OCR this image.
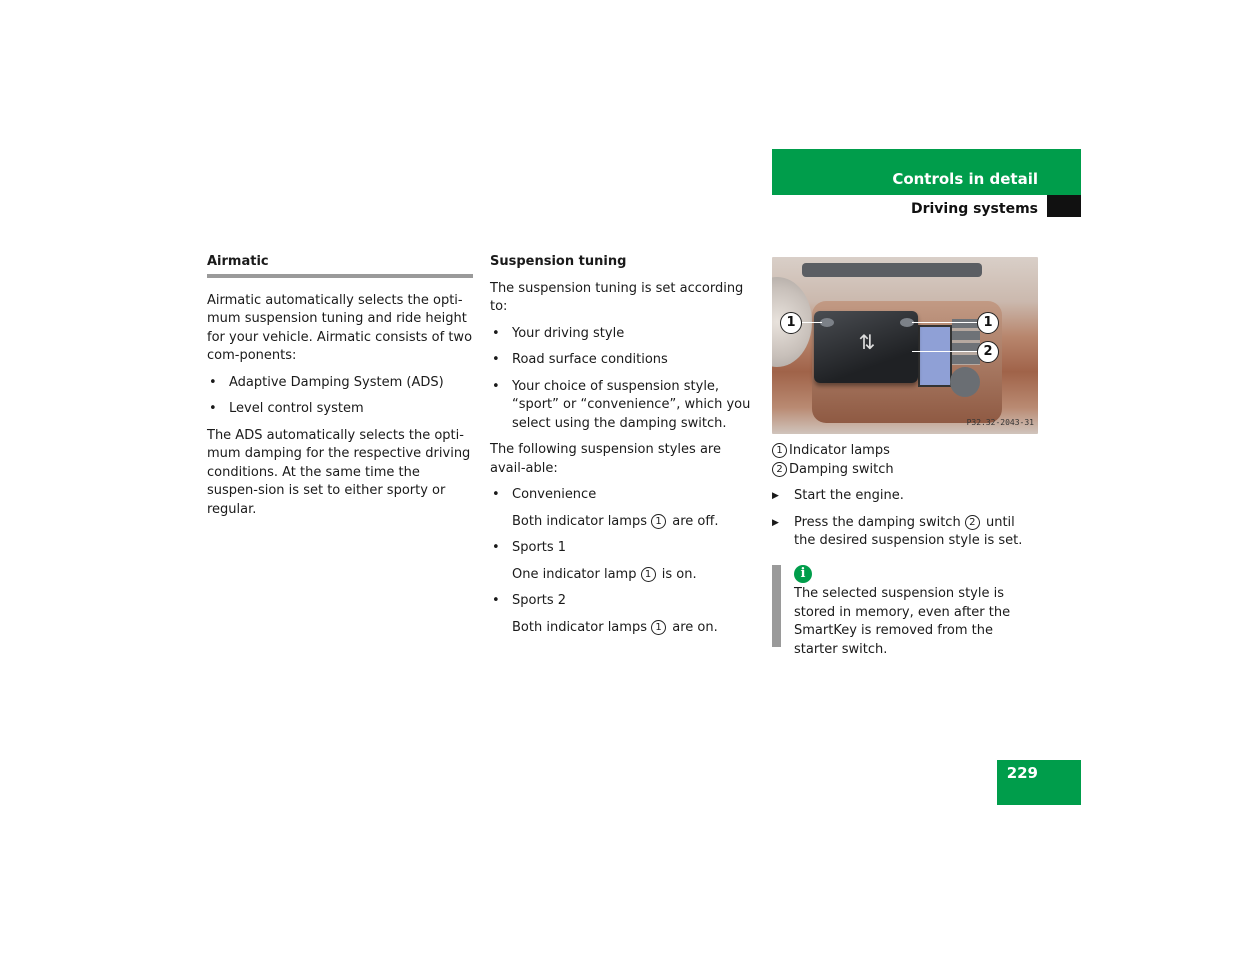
Controls in detail
Driving systems
Airmatic

Airmatic automatically selects the opti-mum suspension tuning and ride height for your vehicle. Airmatic consists of two com-ponents:

• Adaptive Damping System (ADS)
• Level control system

The ADS automatically selects the opti-mum damping for the respective driving conditions. At the same time the suspen-sion is set to either sporty or regular.

Suspension tuning

The suspension tuning is set according to:

• Your driving style
• Road surface conditions
• Your choice of suspension style, “sport” or “convenience”, which you select using the damping switch.

The following suspension styles are avail-able:

• Convenience
Both indicator lamps 1 are off.
• Sports 1
One indicator lamp 1 is on.
• Sports 2
Both indicator lamps 1 are on.
⇅
1	1
2
P32.32-2043-31
1 Indicator lamps
2 Damping switch
▶ Start the engine.
▶ Press the damping switch 2 until the desired suspension style is set.
i

The selected suspension style is stored in memory, even after the SmartKey is removed from the starter switch.

229
